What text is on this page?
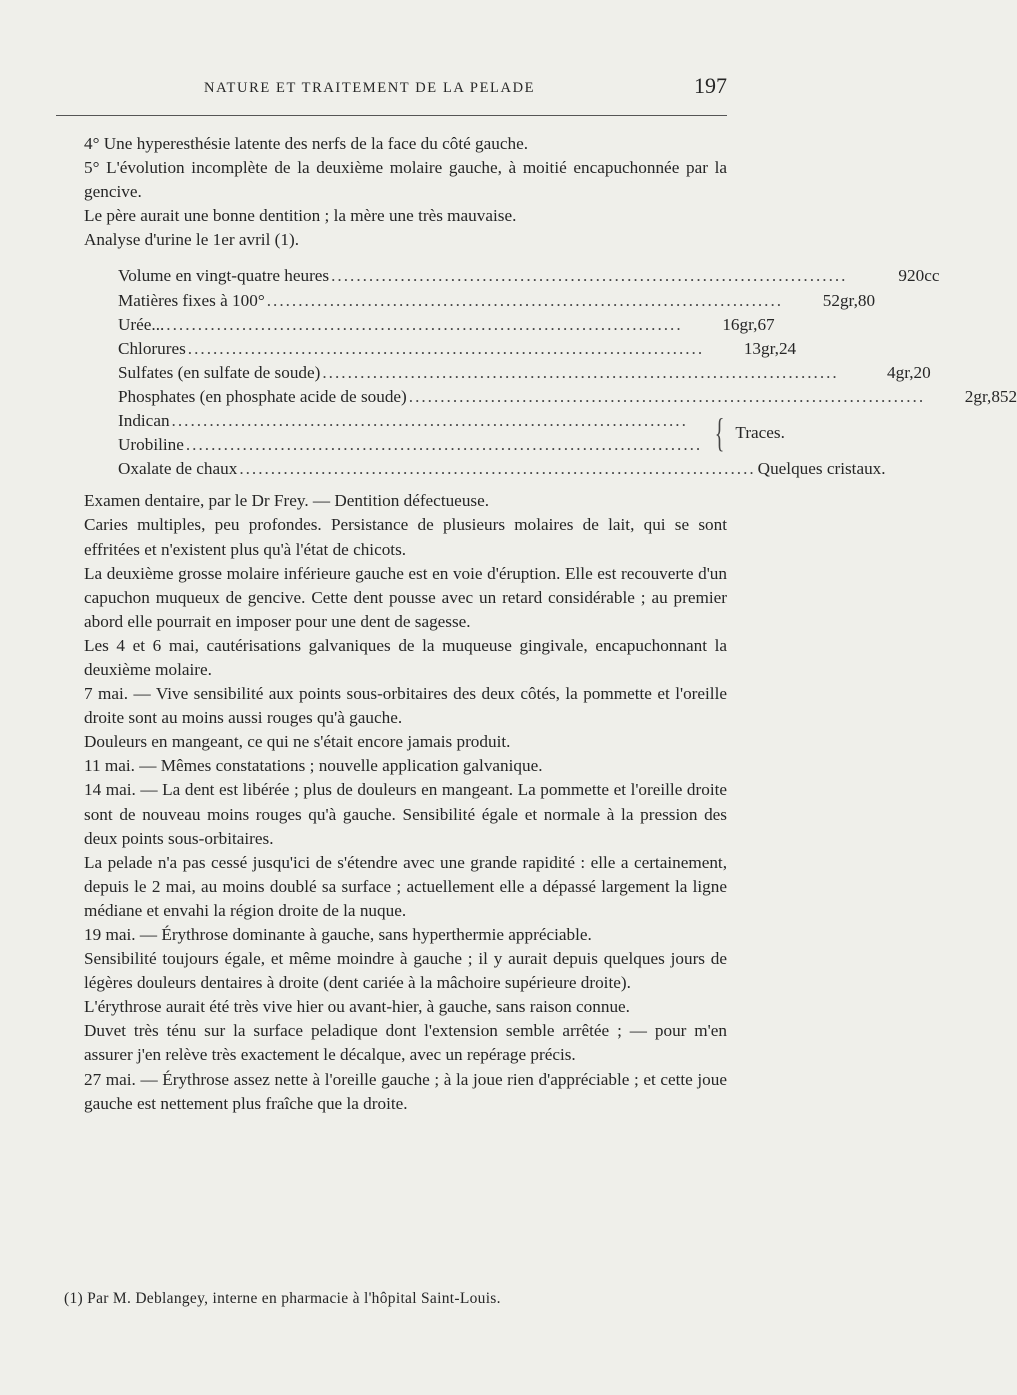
NATURE ET TRAITEMENT DE LA PELADE	197

4° Une hyperesthésie latente des nerfs de la face du côté gauche.

5° L'évolution incomplète de la deuxième molaire gauche, à moitié encapuchonnée par la gencive.

Le père aurait une bonne dentition ; la mère une très mauvaise.

Analyse d'urine le 1er avril (1).

Volume en vingt-quatre heures ..................................................................................	920cc
Matières fixes à 100° ..................................................................................	52gr,80
Urée... ..................................................................................	16gr,67
Chlorures ..................................................................................	13gr,24
Sulfates (en sulfate de soude) ..................................................................................	4gr,20
Phosphates (en phosphate acide de soude) ..................................................................................	2gr,852
Indican ..................................................................................
Urobiline .................................................................................. { Traces.
Oxalate de chaux .................................................................................. Quelques cristaux.

Examen dentaire, par le Dr Frey. — Dentition défectueuse.

Caries multiples, peu profondes. Persistance de plusieurs molaires de lait, qui se sont effritées et n'existent plus qu'à l'état de chicots.

La deuxième grosse molaire inférieure gauche est en voie d'éruption. Elle est recouverte d'un capuchon muqueux de gencive. Cette dent pousse avec un retard considérable ; au premier abord elle pourrait en imposer pour une dent de sagesse.

Les 4 et 6 mai, cautérisations galvaniques de la muqueuse gingivale, encapuchonnant la deuxième molaire.

7 mai. — Vive sensibilité aux points sous-orbitaires des deux côtés, la pommette et l'oreille droite sont au moins aussi rouges qu'à gauche.

Douleurs en mangeant, ce qui ne s'était encore jamais produit.

11 mai. — Mêmes constatations ; nouvelle application galvanique.

14 mai. — La dent est libérée ; plus de douleurs en mangeant. La pommette et l'oreille droite sont de nouveau moins rouges qu'à gauche. Sensibilité égale et normale à la pression des deux points sous-orbitaires.

La pelade n'a pas cessé jusqu'ici de s'étendre avec une grande rapidité : elle a certainement, depuis le 2 mai, au moins doublé sa surface ; actuellement elle a dépassé largement la ligne médiane et envahi la région droite de la nuque.

19 mai. — Érythrose dominante à gauche, sans hyperthermie appréciable.

Sensibilité toujours égale, et même moindre à gauche ; il y aurait depuis quelques jours de légères douleurs dentaires à droite (dent cariée à la mâchoire supérieure droite).

L'érythrose aurait été très vive hier ou avant-hier, à gauche, sans raison connue.

Duvet très ténu sur la surface peladique dont l'extension semble arrêtée ; — pour m'en assurer j'en relève très exactement le décalque, avec un repérage précis.

27 mai. — Érythrose assez nette à l'oreille gauche ; à la joue rien d'appréciable ; et cette joue gauche est nettement plus fraîche que la droite.

(1) Par M. Deblangey, interne en pharmacie à l'hôpital Saint-Louis.
